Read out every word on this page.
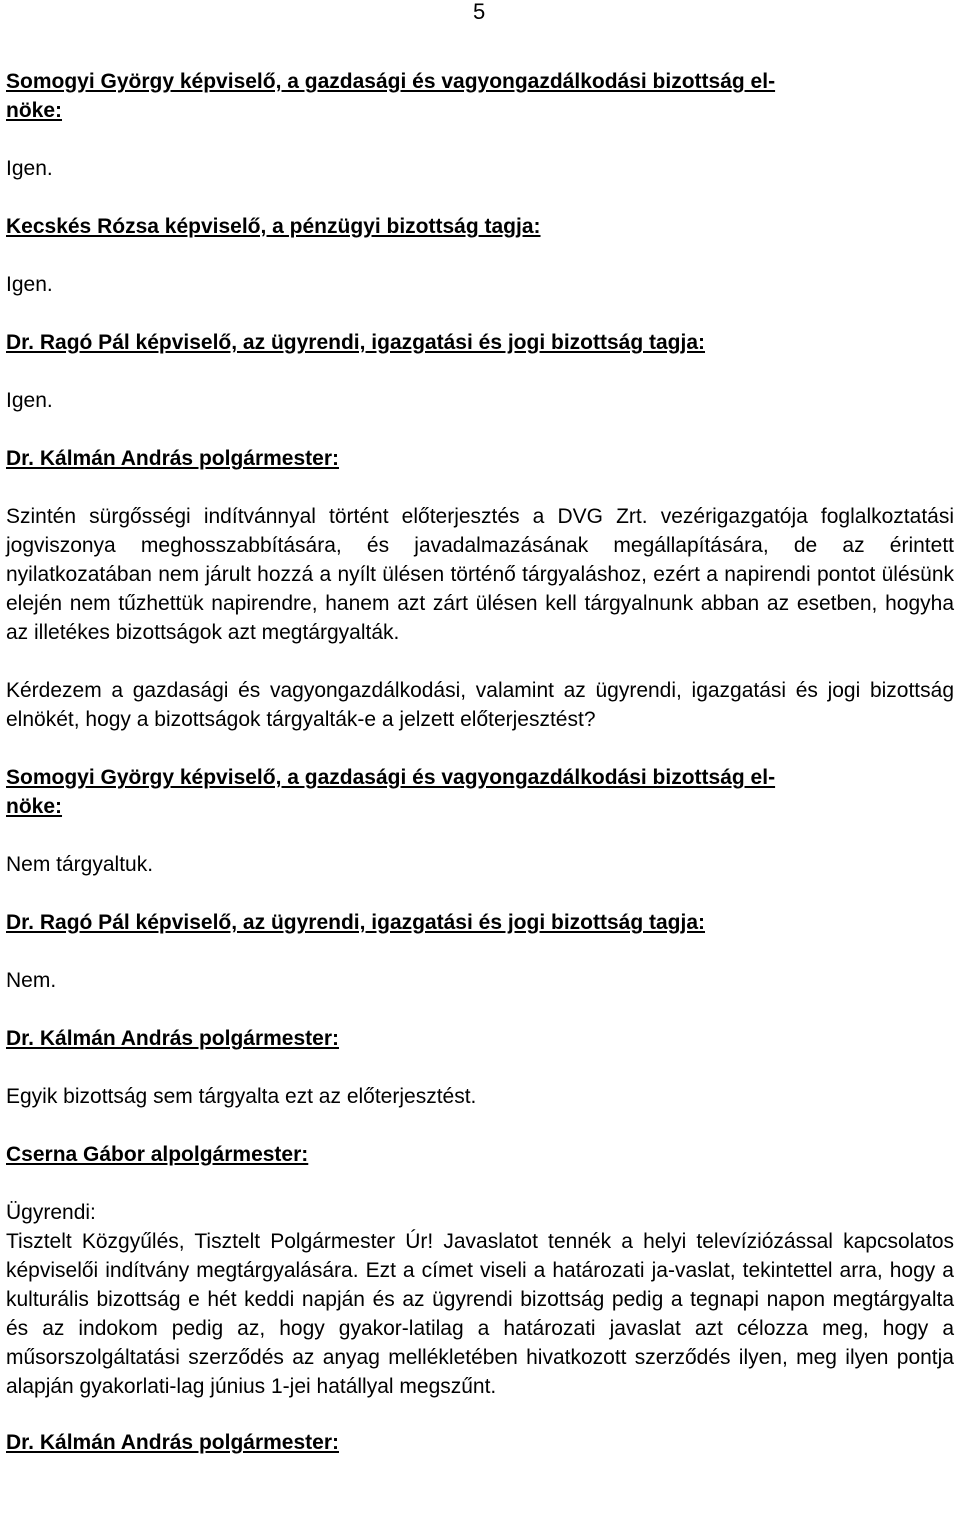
5

Somogyi György képviselő, a gazdasági és vagyongazdálkodási bizottság el-

nöke:

Igen.

Kecskés Rózsa képviselő, a pénzügyi bizottság tagja:

Igen.

Dr. Ragó Pál képviselő, az ügyrendi, igazgatási és jogi bizottság tagja:

Igen.

Dr. Kálmán András polgármester:

Szintén sürgősségi indítvánnyal történt előterjesztés a DVG Zrt. vezérigazgatója foglalkoztatási jogviszonya meghosszabbítására, és javadalmazásának megállapítására, de az érintett nyilatkozatában nem járult hozzá a nyílt ülésen történő tárgyaláshoz, ezért a napirendi pontot ülésünk elején nem tűzhettük napirendre, hanem azt zárt ülésen kell tárgyalnunk abban az esetben, hogyha az illetékes bizottságok azt megtárgyalták.

Kérdezem a gazdasági és vagyongazdálkodási, valamint az ügyrendi, igazgatási és jogi bizottság elnökét, hogy a bizottságok tárgyalták-e a jelzett előterjesztést?

Somogyi György képviselő, a gazdasági és vagyongazdálkodási bizottság el-

nöke:

Nem tárgyaltuk.

Dr. Ragó Pál képviselő, az ügyrendi, igazgatási és jogi bizottság tagja:

Nem.

Dr. Kálmán András polgármester:

Egyik bizottság sem tárgyalta ezt az előterjesztést.

Cserna Gábor alpolgármester:

Ügyrendi:

Tisztelt Közgyűlés, Tisztelt Polgármester Úr! Javaslatot tennék a helyi televíziózással kapcsolatos képviselői indítvány megtárgyalására. Ezt a címet viseli a határozati ja-vaslat, tekintettel arra, hogy a kulturális bizottság e hét keddi napján és az ügyrendi bizottság pedig a tegnapi napon megtárgyalta és az indokom pedig az, hogy gyakor-latilag a határozati javaslat azt célozza meg, hogy a műsorszolgáltatási szerződés az anyag mellékletében hivatkozott szerződés ilyen, meg ilyen pontja alapján gyakorlati-lag június 1-jei hatállyal megszűnt.

Dr. Kálmán András polgármester:
